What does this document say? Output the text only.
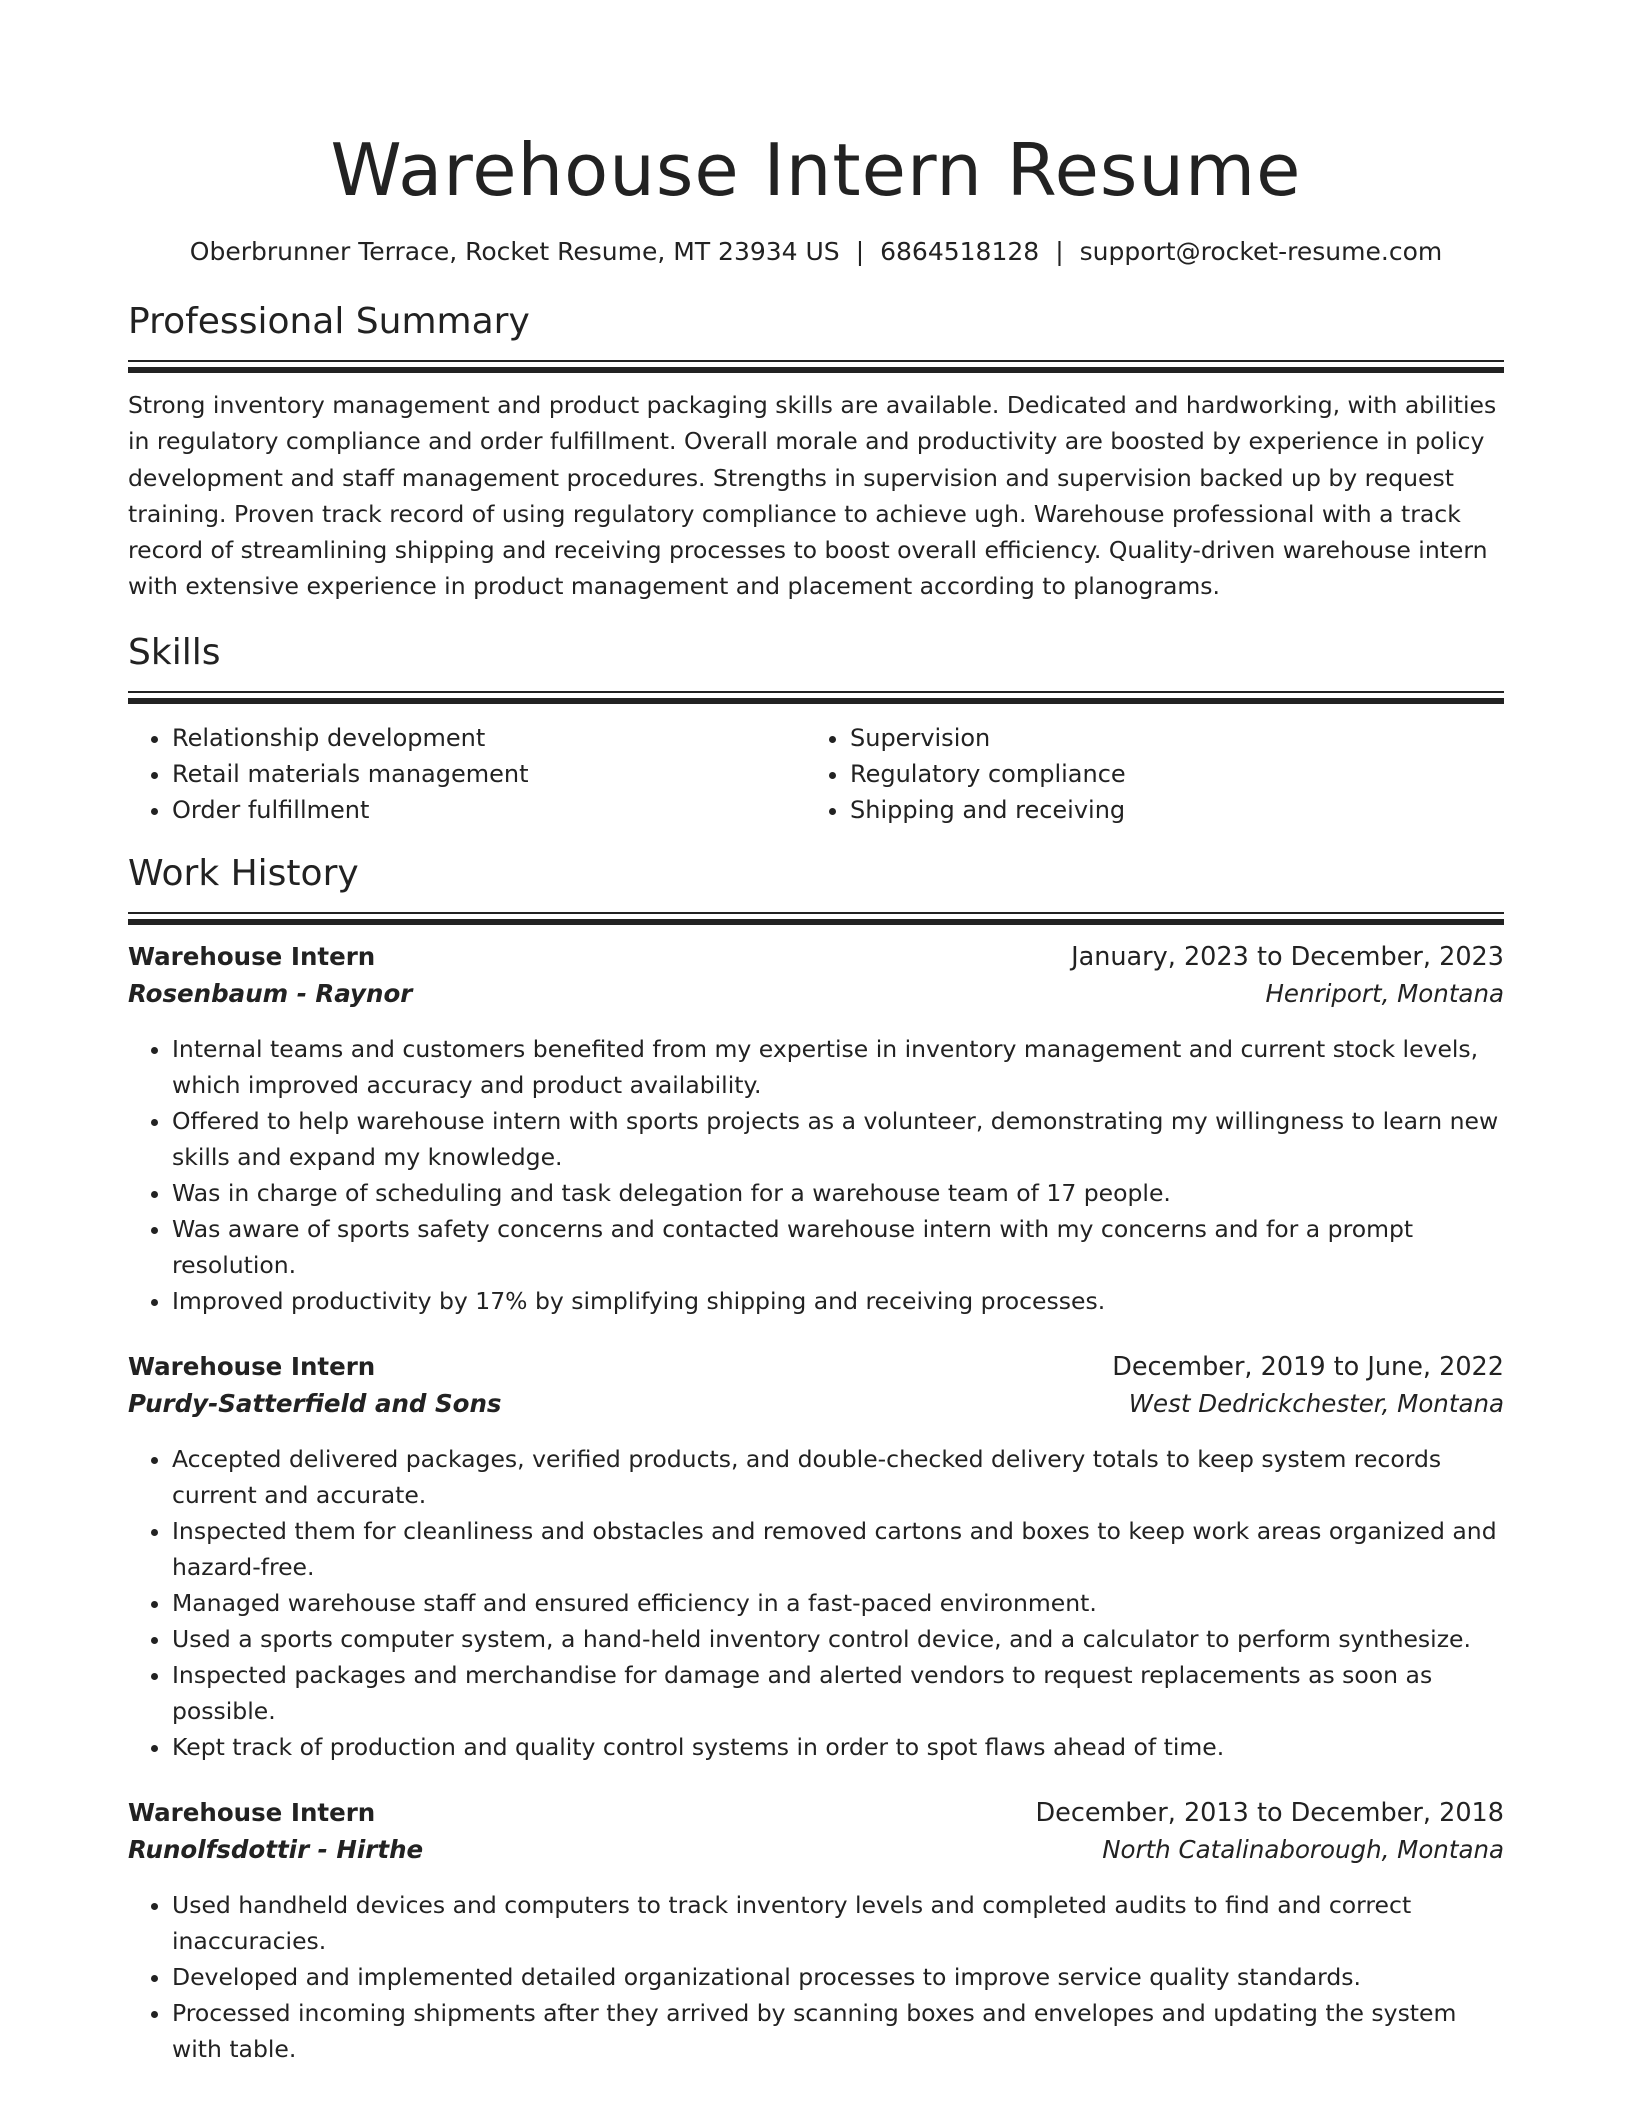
Warehouse Intern Resume
Oberbrunner Terrace, Rocket Resume, MT 23934 US | 6864518128 | support@rocket-resume.com
Professional Summary

Strong inventory management and product packaging skills are available. Dedicated and hardworking, with abilities in regulatory compliance and order fulfillment. Overall morale and productivity are boosted by experience in policy development and staff management procedures. Strengths in supervision and supervision backed up by request training. Proven track record of using regulatory compliance to achieve ugh. Warehouse professional with a track record of streamlining shipping and receiving processes to boost overall efficiency. Quality-driven warehouse intern with extensive experience in product management and placement according to planograms.

Skills
• Relationship development
• Retail materials management
• Order fulfillment
• Supervision
• Regulatory compliance
• Shipping and receiving
Work History
Warehouse Intern	January, 2023 to December, 2023
Rosenbaum - Raynor	Henriport, Montana
• Internal teams and customers benefited from my expertise in inventory management and current stock levels, which improved accuracy and product availability.
• Offered to help warehouse intern with sports projects as a volunteer, demonstrating my willingness to learn new skills and expand my knowledge.
• Was in charge of scheduling and task delegation for a warehouse team of 17 people.
• Was aware of sports safety concerns and contacted warehouse intern with my concerns and for a prompt resolution.
• Improved productivity by 17% by simplifying shipping and receiving processes.
Warehouse Intern	December, 2019 to June, 2022
Purdy-Satterfield and Sons	West Dedrickchester, Montana
• Accepted delivered packages, verified products, and double-checked delivery totals to keep system records current and accurate.
• Inspected them for cleanliness and obstacles and removed cartons and boxes to keep work areas organized and hazard-free.
• Managed warehouse staff and ensured efficiency in a fast-paced environment.
• Used a sports computer system, a hand-held inventory control device, and a calculator to perform synthesize.
• Inspected packages and merchandise for damage and alerted vendors to request replacements as soon as possible.
• Kept track of production and quality control systems in order to spot flaws ahead of time.
Warehouse Intern	December, 2013 to December, 2018
Runolfsdottir - Hirthe	North Catalinaborough, Montana
• Used handheld devices and computers to track inventory levels and completed audits to find and correct inaccuracies.
• Developed and implemented detailed organizational processes to improve service quality standards.
• Processed incoming shipments after they arrived by scanning boxes and envelopes and updating the system with table.
